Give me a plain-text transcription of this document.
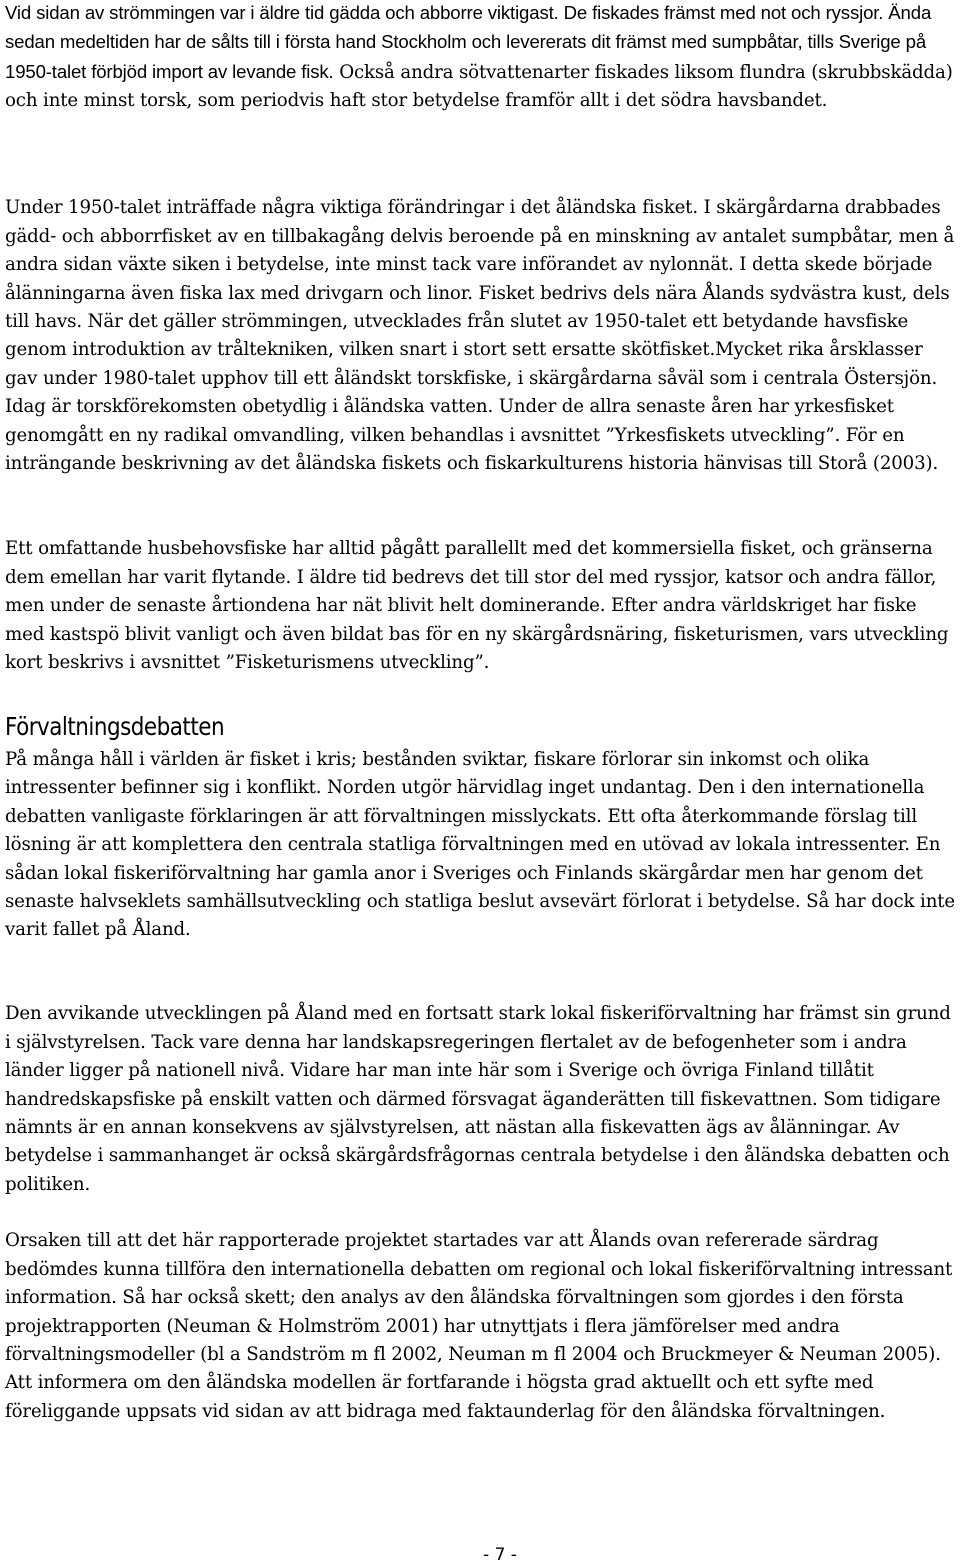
Vid sidan av strömmingen var i äldre tid gädda och abborre viktigast. De fiskades främst med not och ryssjor. Ända sedan medeltiden har de sålts till i första hand Stockholm och levererats dit främst med sumpbåtar, tills Sverige på 1950-talet förbjöd import av levande fisk. Också andra sötvattenarter fiskades liksom flundra (skrubbskädda) och inte minst torsk, som periodvis haft stor betydelse framför allt i det södra havsbandet.

Under 1950-talet inträffade några viktiga förändringar i det åländska fisket. I skärgårdarna drabbades gädd- och abborrfisket av en tillbakagång delvis beroende på en minskning av antalet sumpbåtar, men å andra sidan växte siken i betydelse, inte minst tack vare införandet av nylonnät. I detta skede började ålänningarna även fiska lax med drivgarn och linor. Fisket bedrivs dels nära Ålands sydvästra kust, dels till havs. När det gäller strömmingen, utvecklades från slutet av 1950-talet ett betydande havsfiske genom introduktion av tråltekniken, vilken snart i stort sett ersatte skötfisket.Mycket rika årsklasser gav under 1980-talet upphov till ett åländskt torskfiske, i skärgårdarna såväl som i centrala Östersjön. Idag är torskförekomsten obetydlig i åländska vatten. Under de allra senaste åren har yrkesfisket genomgått en ny radikal omvandling, vilken behandlas i avsnittet ”Yrkesfiskets utveckling”. För en inträngande beskrivning av det åländska fiskets och fiskarkulturens historia hänvisas till Storå (2003).

Ett omfattande husbehovsfiske har alltid pågått parallellt med det kommersiella fisket, och gränserna dem emellan har varit flytande. I äldre tid bedrevs det till stor del med ryssjor, katsor och andra fällor, men under de senaste årtiondena har nät blivit helt dominerande. Efter andra världskriget har fiske med kastspö blivit vanligt och även bildat bas för en ny skärgårdsnäring, fisketurismen, vars utveckling kort beskrivs i avsnittet ”Fisketurismens utveckling”.

Förvaltningsdebatten

På många håll i världen är fisket i kris; bestånden sviktar, fiskare förlorar sin inkomst och olika intressenter befinner sig i konflikt. Norden utgör härvidlag inget undantag. Den i den internationella debatten vanligaste förklaringen är att förvaltningen misslyckats. Ett ofta återkommande förslag till lösning är att komplettera den centrala statliga förvaltningen med en utövad av lokala intressenter. En sådan lokal fiskeriförvaltning har gamla anor i Sveriges och Finlands skärgårdar men har genom det senaste halvseklets samhällsutveckling och statliga beslut avsevärt förlorat i betydelse. Så har dock inte varit fallet på Åland.

Den avvikande utvecklingen på Åland med en fortsatt stark lokal fiskeriförvaltning har främst sin grund i självstyrelsen. Tack vare denna har landskapsregeringen flertalet av de befogenheter som i andra länder ligger på nationell nivå. Vidare har man inte här som i Sverige och övriga Finland tillåtit handredskapsfiske på enskilt vatten och därmed försvagat äganderätten till fiskevattnen. Som tidigare nämnts är en annan konsekvens av självstyrelsen, att nästan alla fiskevatten ägs av ålänningar. Av betydelse i sammanhanget är också skärgårdsfrågornas centrala betydelse i den åländska debatten och politiken.

Orsaken till att det här rapporterade projektet startades var att Ålands ovan refererade särdrag bedömdes kunna tillföra den internationella debatten om regional och lokal fiskeriförvaltning intressant information. Så har också skett; den analys av den åländska förvaltningen som gjordes i den första projektrapporten (Neuman & Holmström 2001) har utnyttjats i flera jämförelser med andra förvaltningsmodeller (bl a Sandström m fl 2002, Neuman m fl 2004 och Bruckmeyer & Neuman 2005). Att informera om den åländska modellen är fortfarande i högsta grad aktuellt och ett syfte med föreliggande uppsats vid sidan av att bidraga med faktaunderlag för den åländska förvaltningen.

- 7 -
